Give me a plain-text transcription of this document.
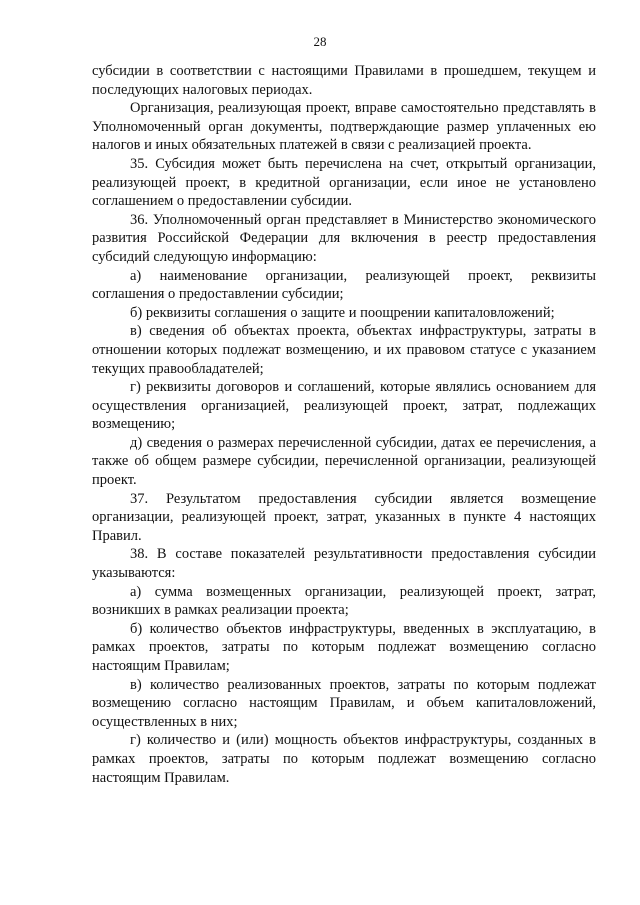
28

субсидии в соответствии с настоящими Правилами в прошедшем, текущем и последующих налоговых периодах.

Организация, реализующая проект, вправе самостоятельно представлять в Уполномоченный орган документы, подтверждающие размер уплаченных ею налогов и иных обязательных платежей в связи с реализацией проекта.

35. Субсидия может быть перечислена на счет, открытый организации, реализующей проект, в кредитной организации, если иное не установлено соглашением о предоставлении субсидии.

36. Уполномоченный орган представляет в Министерство экономического развития Российской Федерации для включения в реестр предоставления субсидий следующую информацию:

а) наименование организации, реализующей проект, реквизиты соглашения о предоставлении субсидии;

б) реквизиты соглашения о защите и поощрении капиталовложений;

в) сведения об объектах проекта, объектах инфраструктуры, затраты в отношении которых подлежат возмещению, и их правовом статусе с указанием текущих правообладателей;

г) реквизиты договоров и соглашений, которые являлись основанием для осуществления организацией, реализующей проект, затрат, подлежащих возмещению;

д) сведения о размерах перечисленной субсидии, датах ее перечисления, а также об общем размере субсидии, перечисленной организации, реализующей проект.

37. Результатом предоставления субсидии является возмещение организации, реализующей проект, затрат, указанных в пункте 4 настоящих Правил.

38. В составе показателей результативности предоставления субсидии указываются:

а) сумма возмещенных организации, реализующей проект, затрат, возникших в рамках реализации проекта;

б) количество объектов инфраструктуры, введенных в эксплуатацию, в рамках проектов, затраты по которым подлежат возмещению согласно настоящим Правилам;

в) количество реализованных проектов, затраты по которым подлежат возмещению согласно настоящим Правилам, и объем капиталовложений, осуществленных в них;

г) количество и (или) мощность объектов инфраструктуры, созданных в рамках проектов, затраты по которым подлежат возмещению согласно настоящим Правилам.
